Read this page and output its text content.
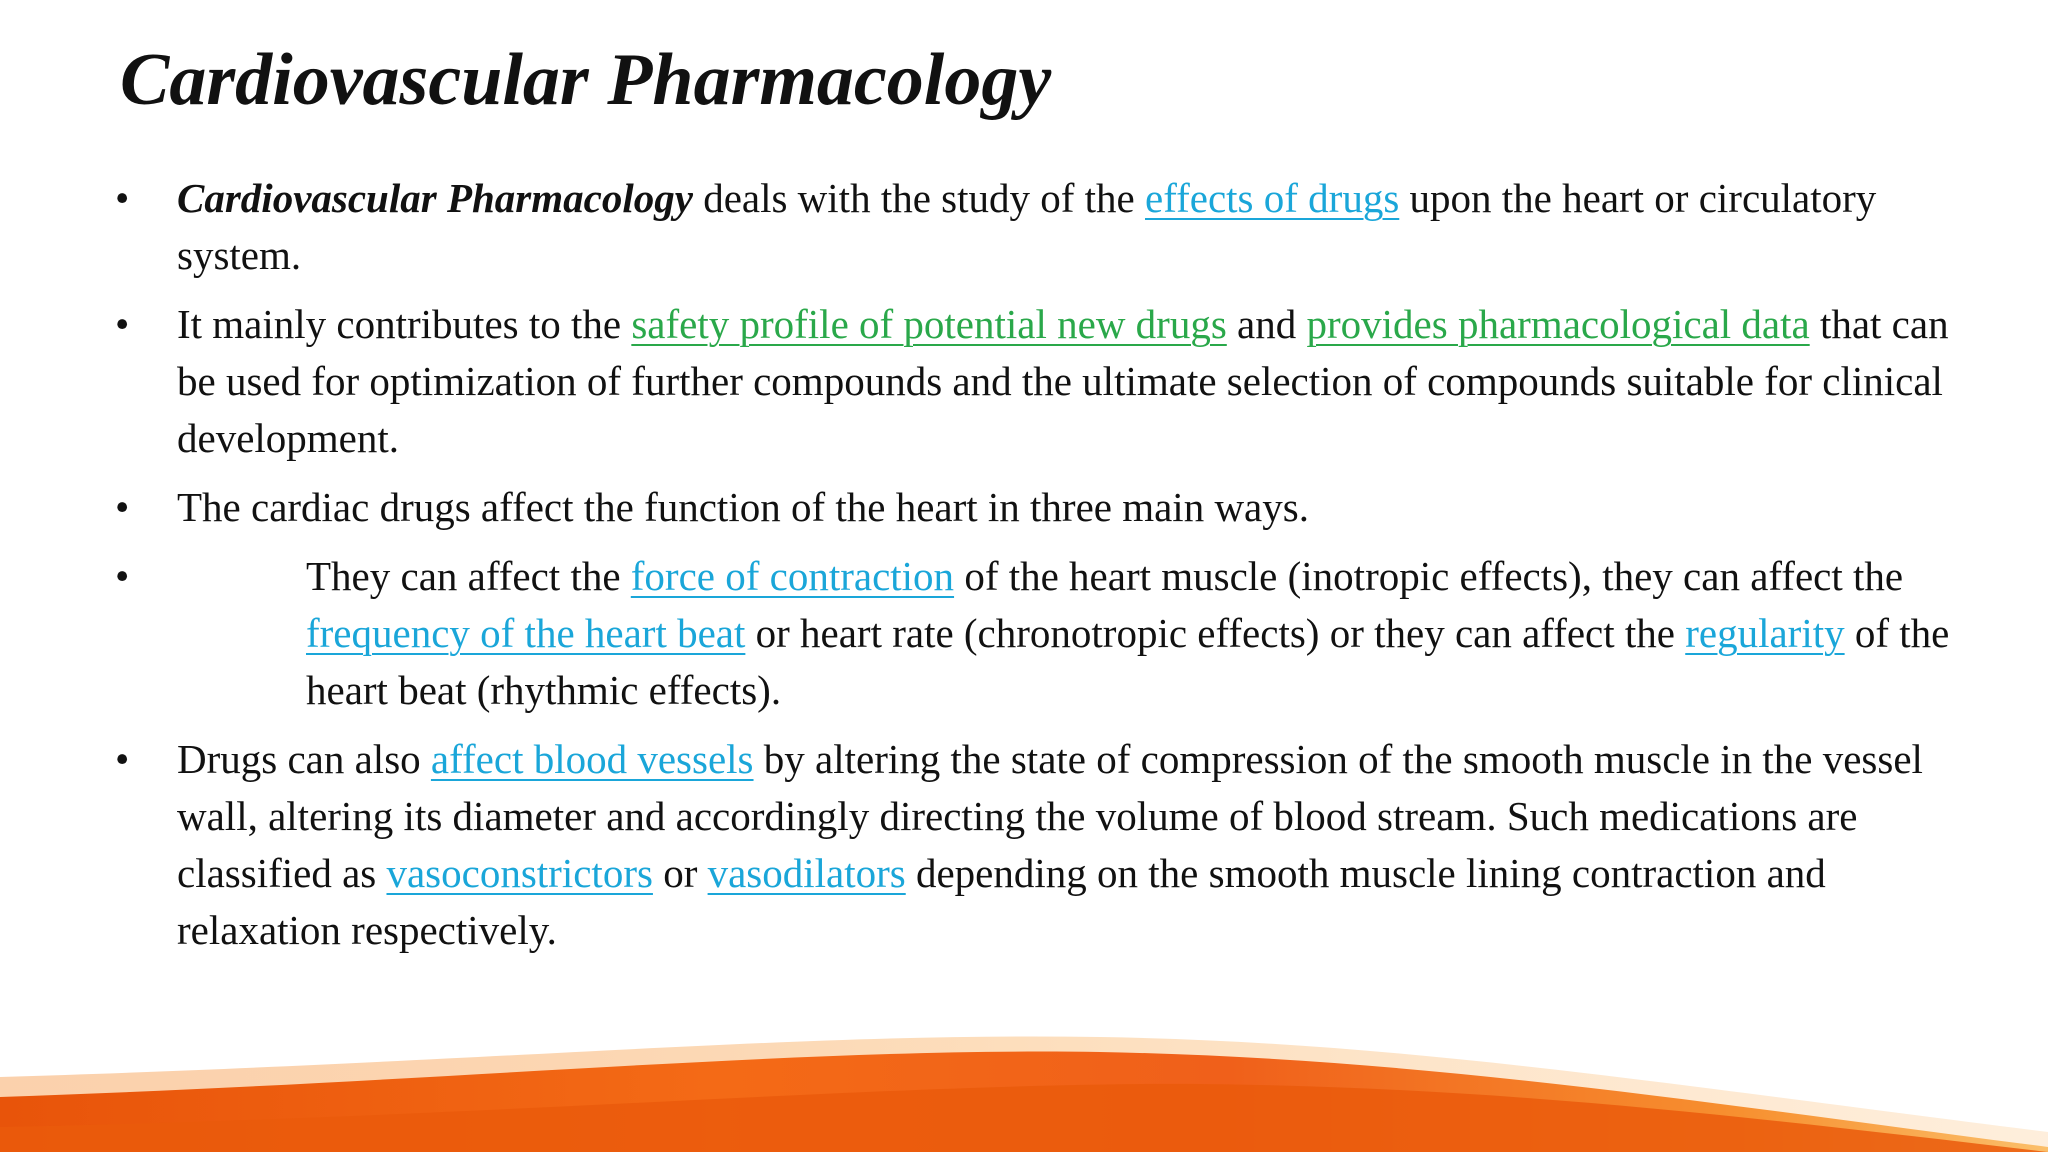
Cardiovascular Pharmacology
•	Cardiovascular Pharmacology deals with the study of the effects of drugs upon the heart or circulatory system.
•	It mainly contributes to the safety profile of potential new drugs and provides pharmacological data that can be used for optimization of further compounds and the ultimate selection of compounds suitable for clinical development.
•	The cardiac drugs affect the function of the heart in three main ways.
•	They can affect the force of contraction of the heart muscle (inotropic effects), they can affect the frequency of the heart beat or heart rate (chronotropic effects) or they can affect the regularity of the heart beat (rhythmic effects).
•	Drugs can also affect blood vessels by altering the state of compression of the smooth muscle in the vessel wall, altering its diameter and accordingly directing the volume of blood stream. Such medications are classified as vasoconstrictors or vasodilators depending on the smooth muscle lining contraction and relaxation respectively.
